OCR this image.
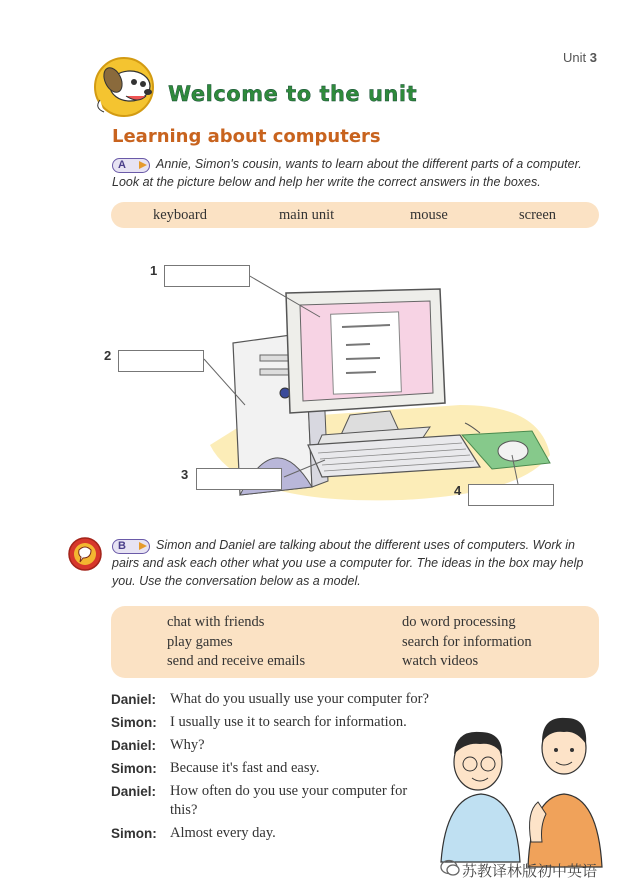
Unit 3
Welcome to the unit
Learning about computers
A	Annie, Simon's cousin, wants to learn about the different parts of a computer. Look at the picture below and help her write the correct answers in the boxes.
keyboard	main unit	mouse	screen
1
2
3
4
B	Simon and Daniel are talking about the different uses of computers. Work in pairs and ask each other what you use a computer for. The ideas in the box may help you. Use the conversation below as a model.
chat with friends
play games
send and receive emails
do word processing
search for information
watch videos
Daniel: What do you usually use your computer for?
Simon: I usually use it to search for information.
Daniel: Why?
Simon: Because it's fast and easy.
Daniel: How often do you use your computer for this?
Simon: Almost every day.
苏教译林版初中英语
